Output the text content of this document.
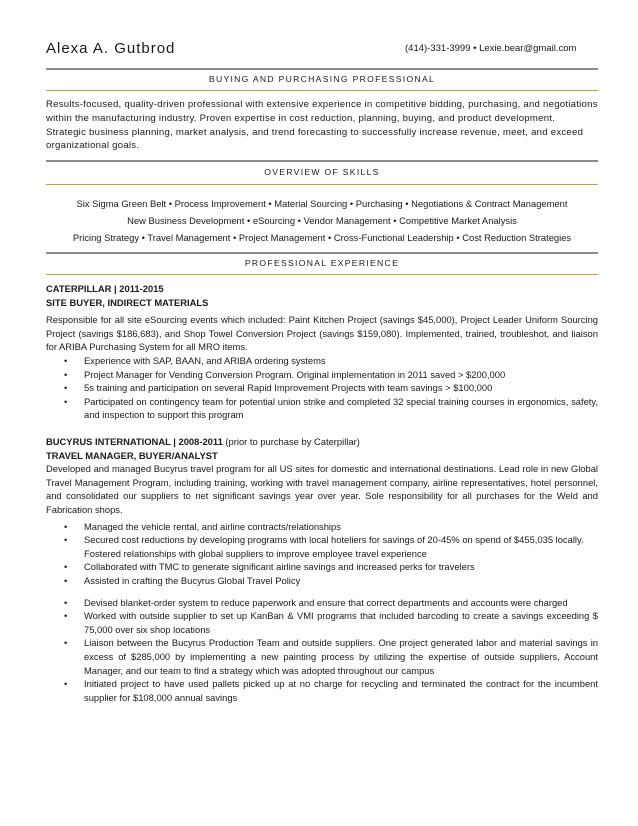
Alexa A. Gutbrod	(414)-331-3999 • Lexie.bear@gmail.com
BUYING AND PURCHASING PROFESSIONAL
Results-focused, quality-driven professional with extensive experience in competitive bidding, purchasing, and negotiations within the manufacturing industry. Proven expertise in cost reduction, planning, buying, and product development. Strategic business planning, market analysis, and trend forecasting to successfully increase revenue, meet, and exceed organizational goals.
OVERVIEW OF SKILLS
Six Sigma Green Belt • Process Improvement • Material Sourcing • Purchasing • Negotiations & Contract Management
New Business Development • eSourcing • Vendor Management • Competitive Market Analysis
Pricing Strategy • Travel Management • Project Management • Cross-Functional Leadership • Cost Reduction Strategies
PROFESSIONAL EXPERIENCE
CATERPILLAR | 2011-2015
SITE BUYER, INDIRECT MATERIALS
Responsible for all site eSourcing events which included: Paint Kitchen Project (savings $45,000), Project Leader Uniform Sourcing Project (savings $186,683), and Shop Towel Conversion Project (savings $159,080). Implemented, trained, troubleshot, and liaison for ARIBA Purchasing System for all MRO items.
• Experience with SAP, BAAN, and ARIBA ordering systems
• Project Manager for Vending Conversion Program. Original implementation in 2011 saved > $200,000
• 5s training and participation on several Rapid Improvement Projects with team savings > $100,000
• Participated on contingency team for potential union strike and completed 32 special training courses in ergonomics, safety, and inspection to support this program
BUCYRUS INTERNATIONAL | 2008-2011 (prior to purchase by Caterpillar)
TRAVEL MANAGER, BUYER/ANALYST
Developed and managed Bucyrus travel program for all US sites for domestic and international destinations. Lead role in new Global Travel Management Program, including training, working with travel management company, airline representatives, hotel personnel, and consolidated our suppliers to net significant savings year over year. Sole responsibility for all purchases for the Weld and Fabrication shops.
• Managed the vehicle rental, and airline contracts/relationships
• Secured cost reductions by developing programs with local hoteliers for savings of 20-45% on spend of $455,035 locally. Fostered relationships with global suppliers to improve employee travel experience
• Collaborated with TMC to generate significant airline savings and increased perks for travelers
• Assisted in crafting the Bucyrus Global Travel Policy
• Devised blanket-order system to reduce paperwork and ensure that correct departments and accounts were charged
• Worked with outside supplier to set up KanBan & VMI programs that included barcoding to create a savings exceeding $ 75,000 over six shop locations
• Liaison between the Bucyrus Production Team and outside suppliers. One project generated labor and material savings in excess of $285,000 by implementing a new painting process by utilizing the expertise of outside suppliers, Account Manager, and our team to find a strategy which was adopted throughout our campus
• Initiated project to have used pallets picked up at no charge for recycling and terminated the contract for the incumbent supplier for $108,000 annual savings
